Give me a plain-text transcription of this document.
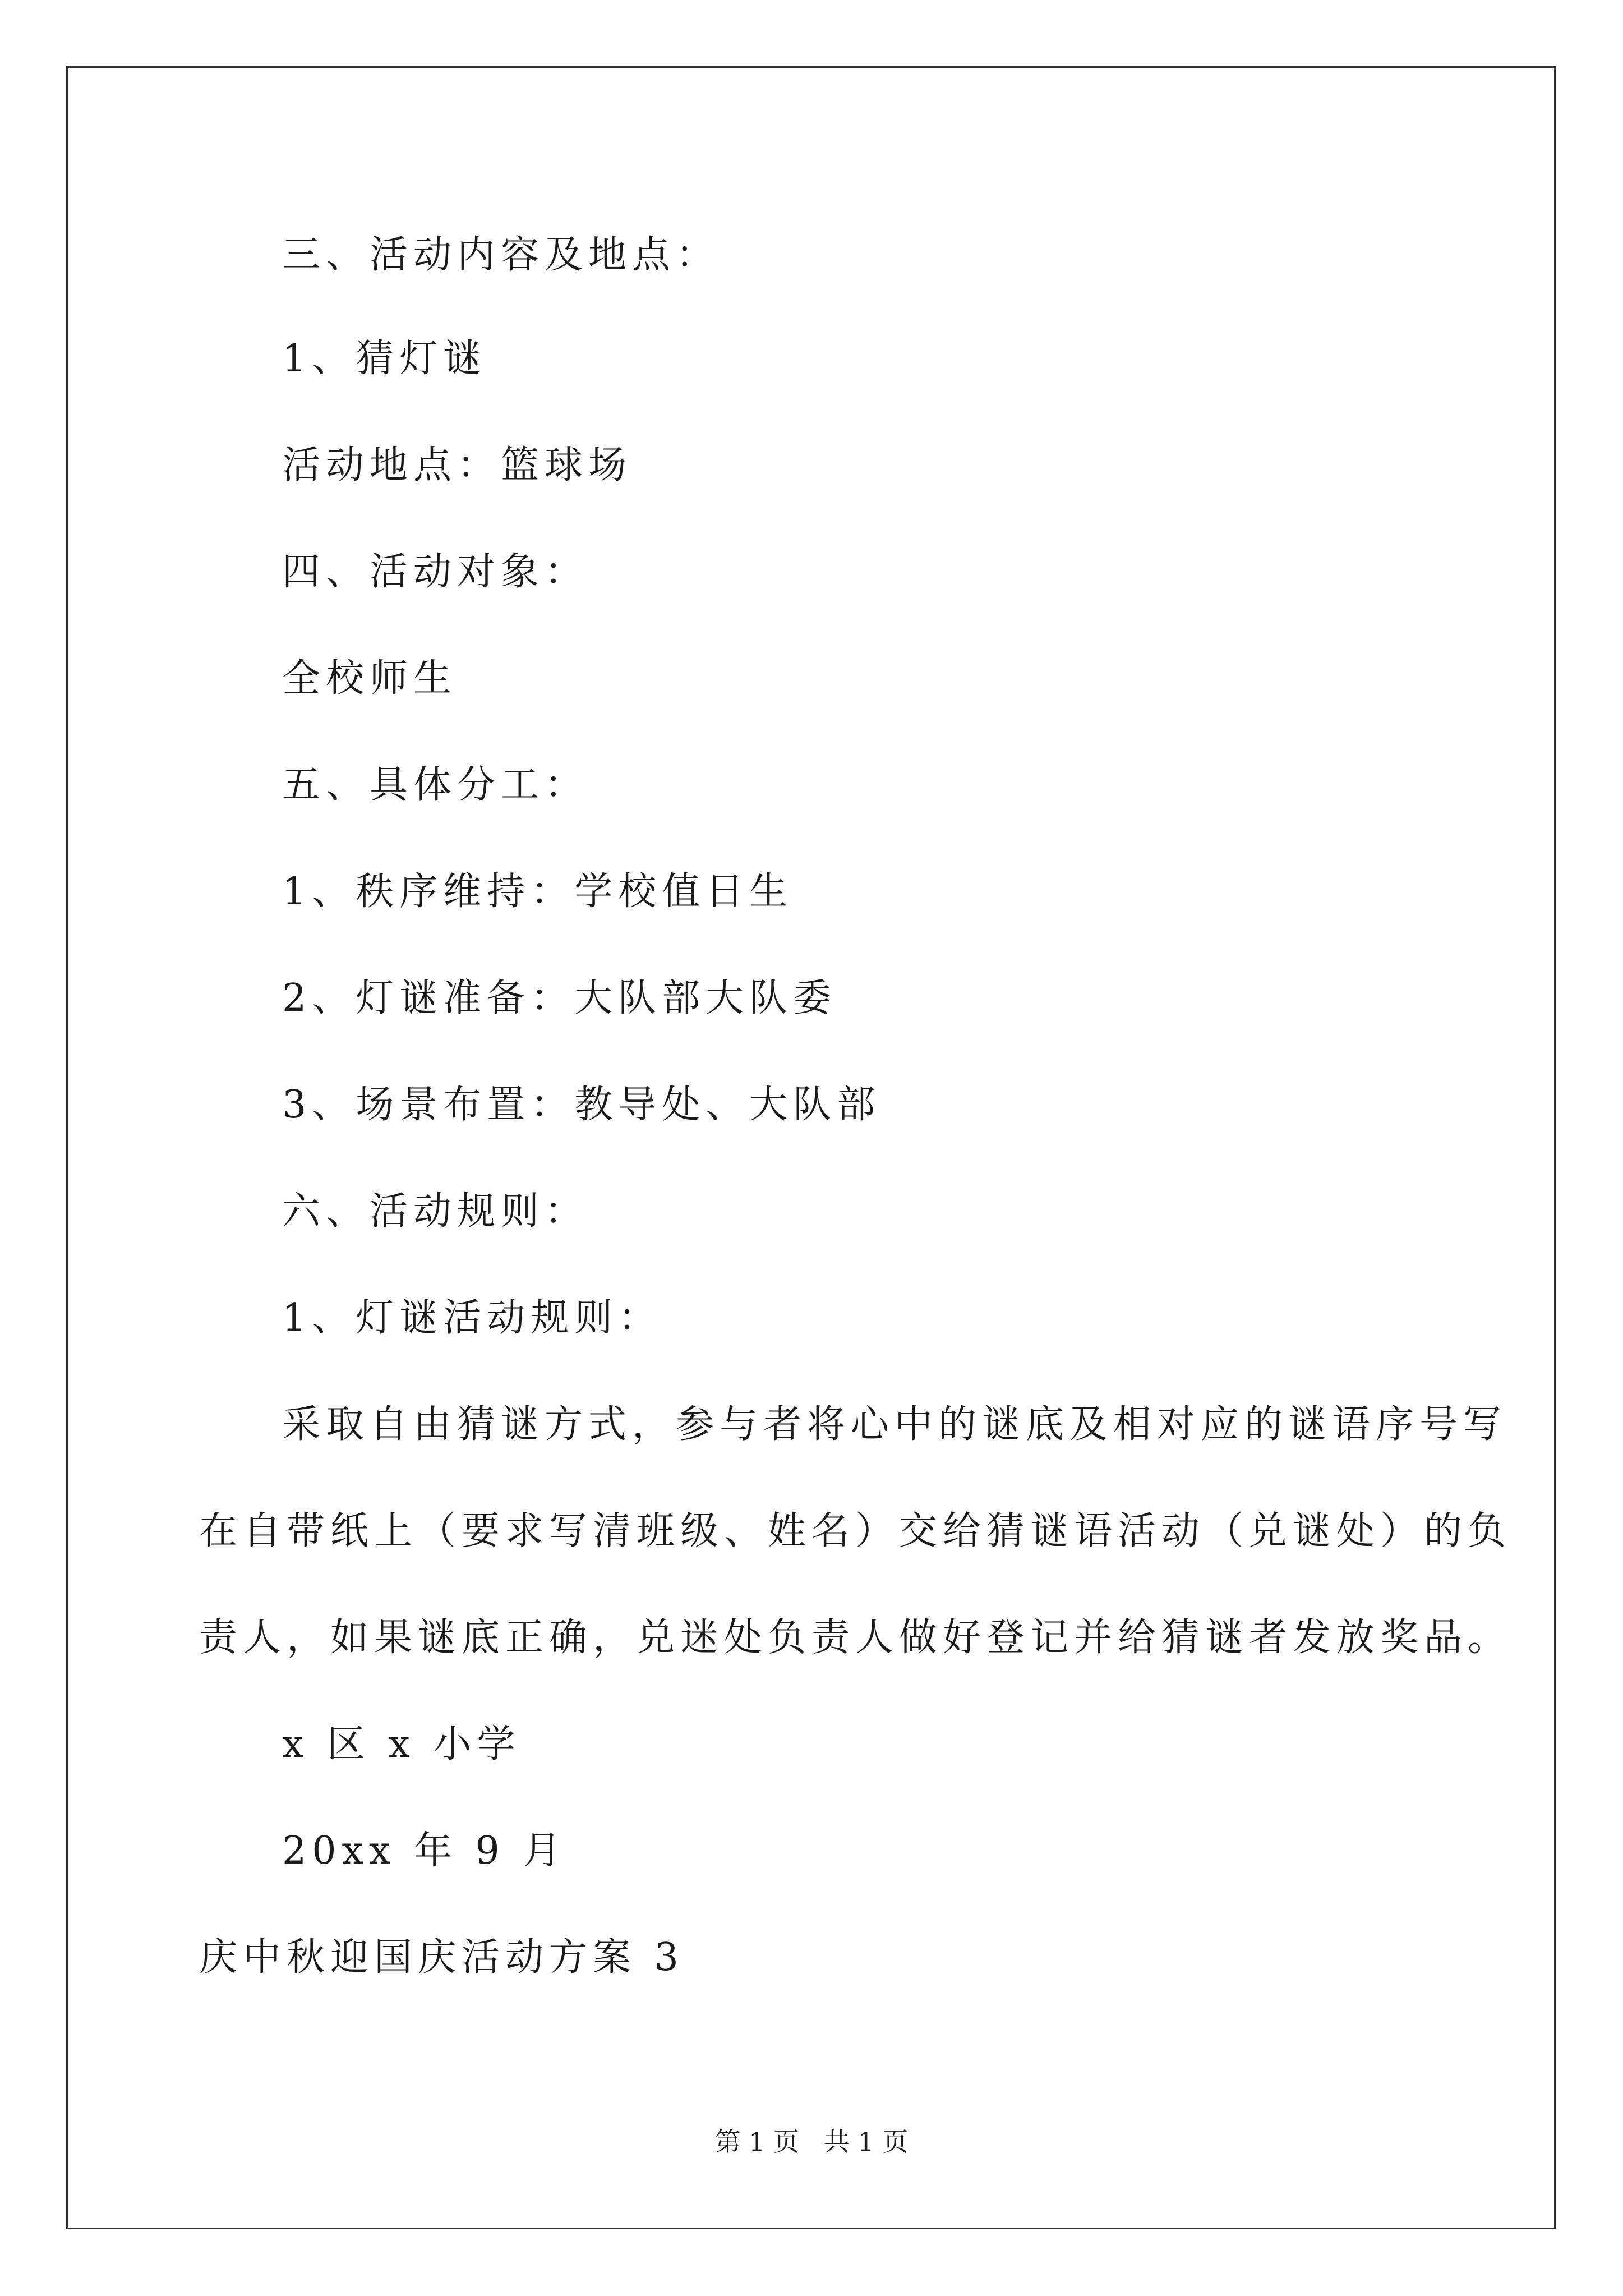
三、活动内容及地点：
1、猜灯谜
活动地点：篮球场
四、活动对象：
全校师生
五、具体分工：
1、秩序维持：学校值日生
2、灯谜准备：大队部大队委
3、场景布置：教导处、大队部
六、活动规则：
1、灯谜活动规则：
采取自由猜谜方式，参与者将心中的谜底及相对应的谜语序号写
在自带纸上（要求写清班级、姓名）交给猜谜语活动（兑谜处）的负
责人，如果谜底正确，兑迷处负责人做好登记并给猜谜者发放奖品。
x 区 x 小学
20xx 年 9 月
庆中秋迎国庆活动方案 3
第 1 页   共 1 页
